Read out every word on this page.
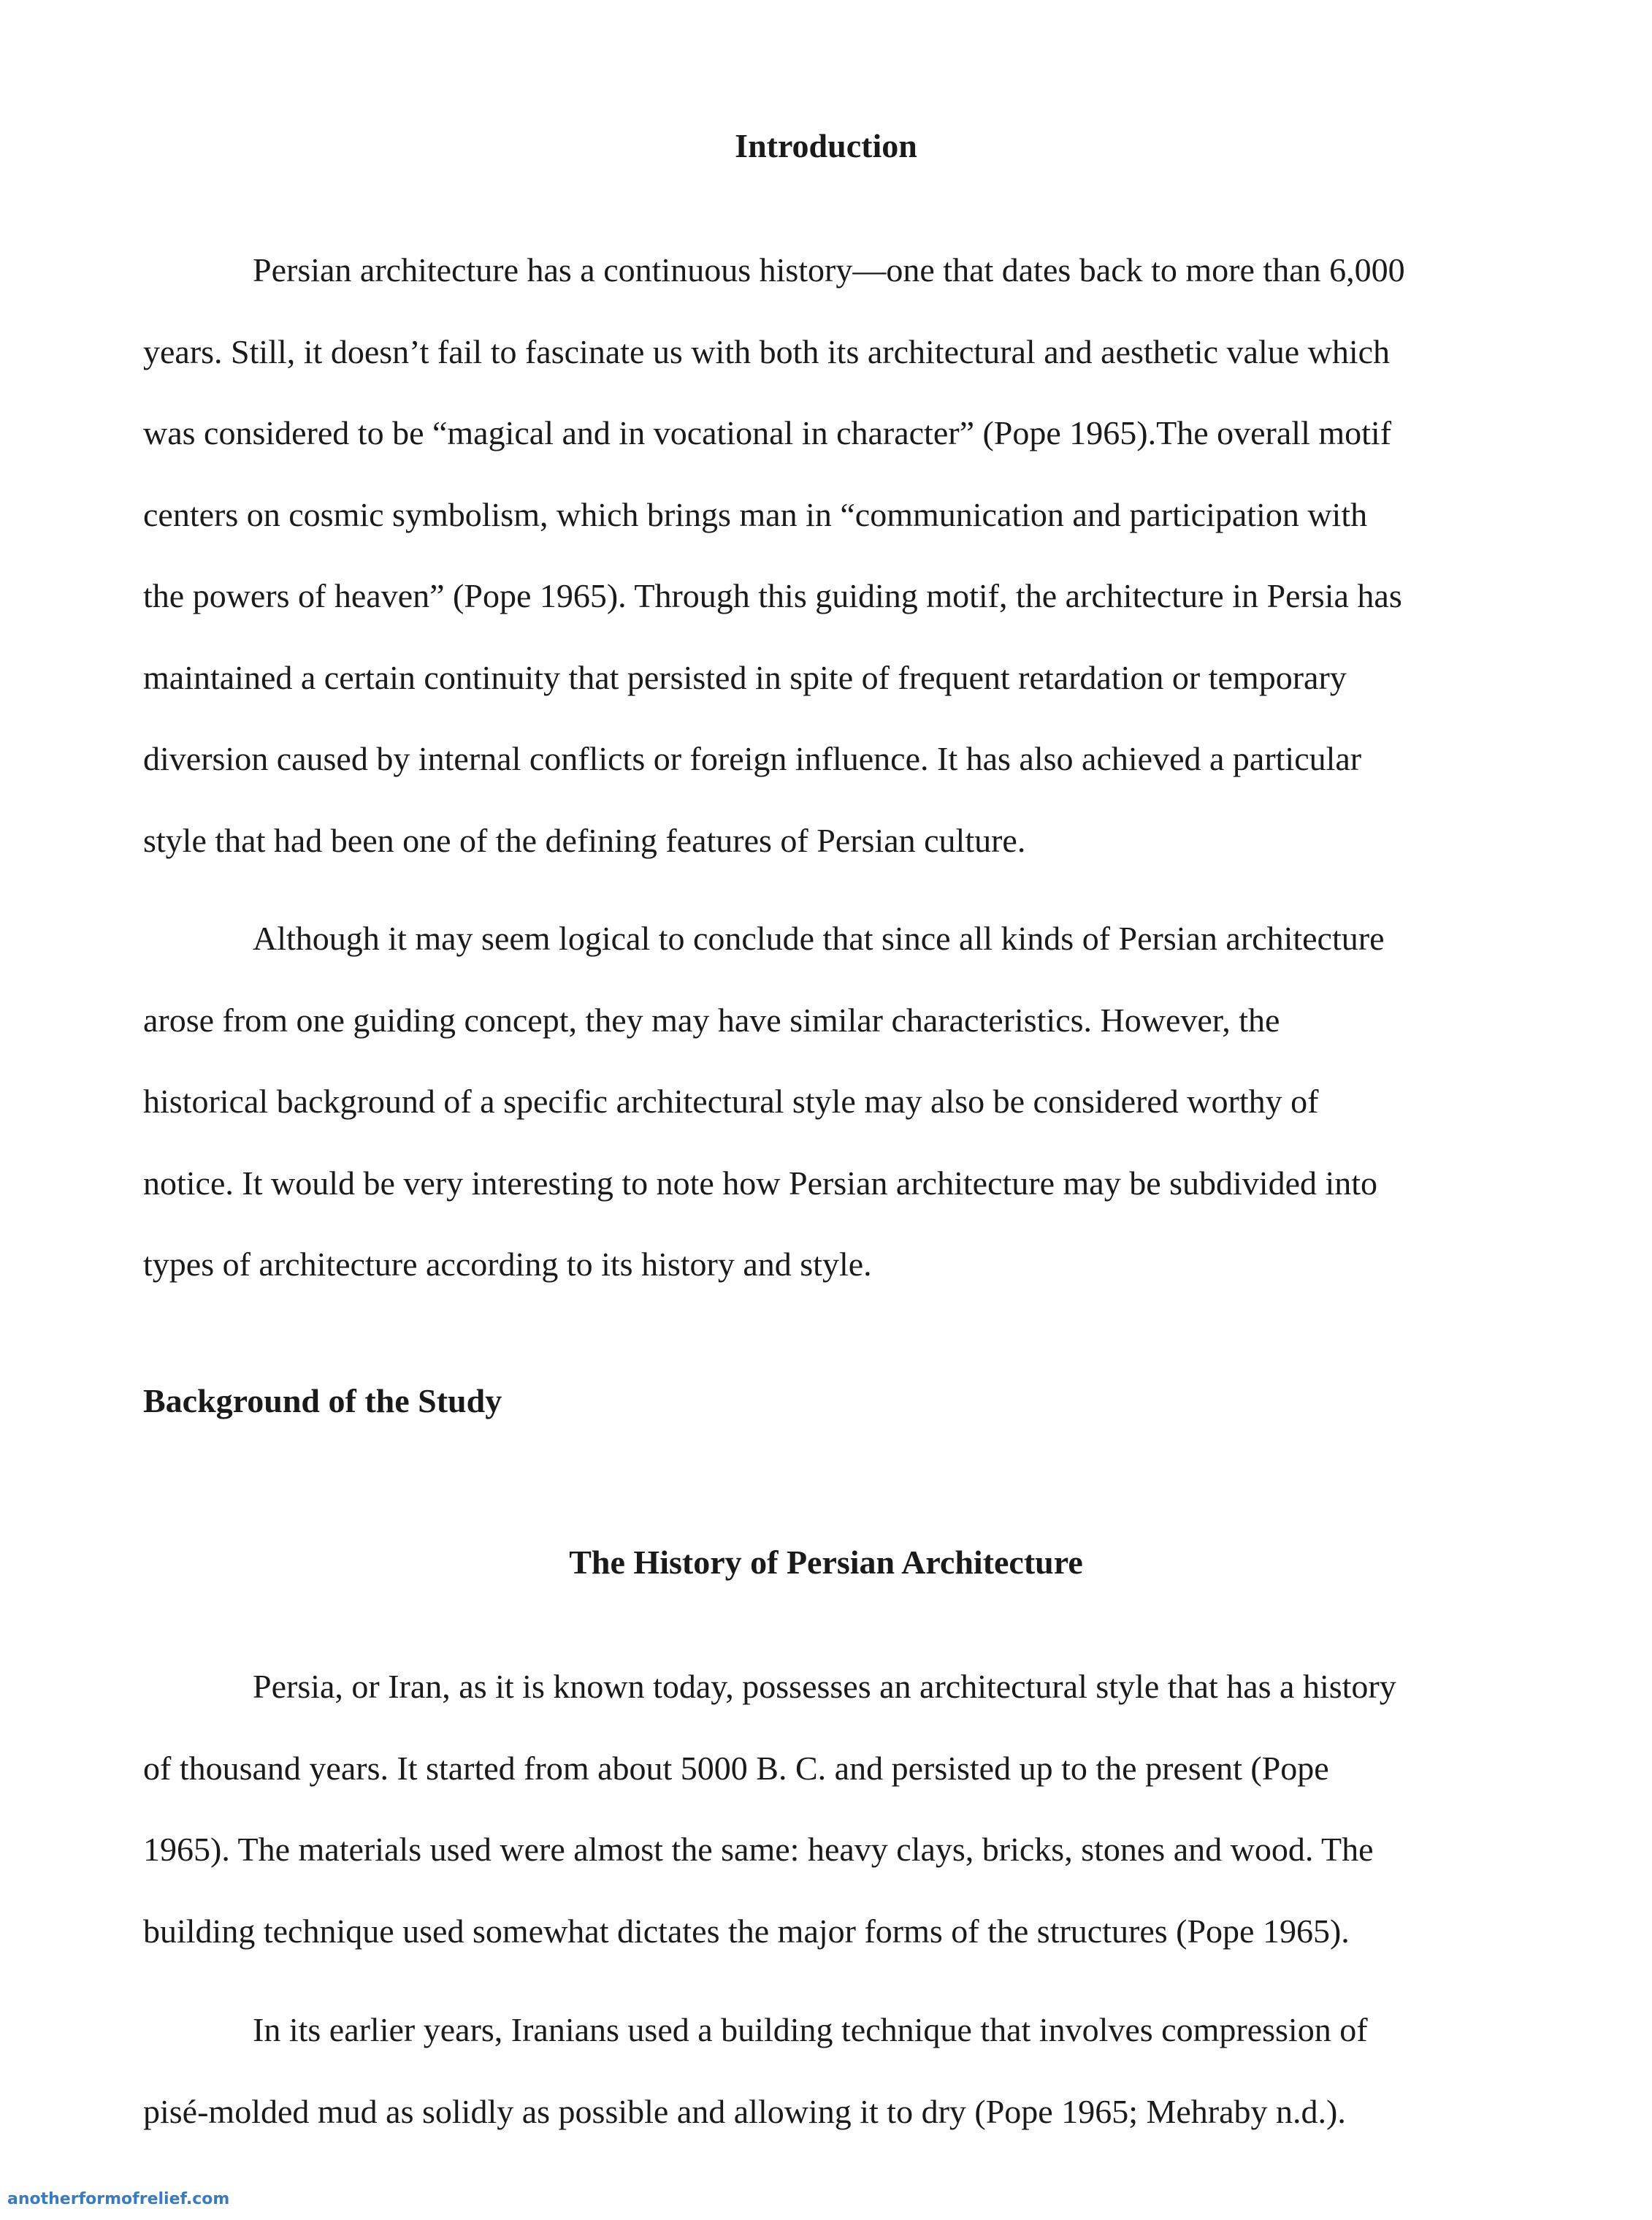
Introduction
Persian architecture has a continuous history—one that dates back to more than 6,000
years. Still, it doesn’t fail to fascinate us with both its architectural and aesthetic value which
was considered to be “magical and in vocational in character” (Pope 1965).The overall motif
centers on cosmic symbolism, which brings man in “communication and participation with
the powers of heaven” (Pope 1965). Through this guiding motif, the architecture in Persia has
maintained a certain continuity that persisted in spite of frequent retardation or temporary
diversion caused by internal conflicts or foreign influence. It has also achieved a particular
style that had been one of the defining features of Persian culture.
Although it may seem logical to conclude that since all kinds of Persian architecture
arose from one guiding concept, they may have similar characteristics. However, the
historical background of a specific architectural style may also be considered worthy of
notice. It would be very interesting to note how Persian architecture may be subdivided into
types of architecture according to its history and style.
Background of the Study
The History of Persian Architecture
Persia, or Iran, as it is known today, possesses an architectural style that has a history
of thousand years. It started from about 5000 B. C. and persisted up to the present (Pope
1965). The materials used were almost the same: heavy clays, bricks, stones and wood. The
building technique used somewhat dictates the major forms of the structures (Pope 1965).
In its earlier years, Iranians used a building technique that involves compression of
pisé-molded mud as solidly as possible and allowing it to dry (Pope 1965; Mehraby n.d.).

anotherformofrelief.com
